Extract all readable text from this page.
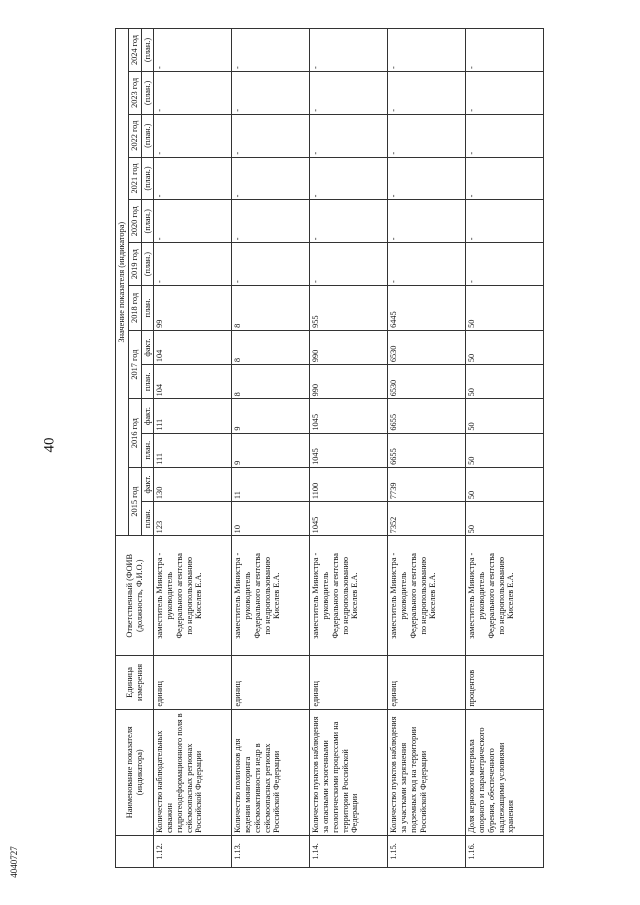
40
4040727
	Наименование показателя (индикатора)	Единица измерения	Ответственный (ФОИВ (должность, Ф.И.О.)	Значение показателя (индикатора)												
				2015 год		2016 год		2017 год		2018 год	2019 год	2020 год	2021 год	2022 год	2023 год	2024 год
				план.	факт.	план.	факт.	план.	факт.	план.	(план.)	(план.)	(план.)	(план.)	(план.)	(план.)
1.12.	Количество наблюдательных скважин гидрогеодеформационного поля в сейсмоопасных регионах Российской Федерации	единиц	заместитель Министра - руководитель Федерального агентства по недропользованию Киселев Е.А.	123	130	111	111	104	104	99	-	-	-	-	-	-
1.13.	Количество полигонов для ведения мониторинга сейсмоактивности недр в сейсмоопасных регионах Российской Федерации	единиц	заместитель Министра - руководитель Федерального агентства по недропользованию Киселев Е.А.	10	11	9	9	8	8	8	-	-	-	-	-	-
1.14.	Количество пунктов наблюдения за опасными экзогенными геологическими процессами на территории Российской Федерации	единиц	заместитель Министра - руководитель Федерального агентства по недропользованию Киселев Е.А.	1045	1100	1045	1045	990	990	955	-	-	-	-	-	-
1.15.	Количество пунктов наблюдения за участками загрязнения подземных вод на территории Российской Федерации	единиц	заместитель Министра - руководитель Федерального агентства по недропользованию Киселев Е.А.	7352	7739	6655	6655	6530	6530	6445	-	-	-	-	-	-
1.16.	Доля кернового материала опорного и параметрического бурения, обеспеченного надлежащими условиями хранения	процентов	заместитель Министра - руководитель Федерального агентства по недропользованию Киселев Е.А.	50	50	50	50	50	50	50	-	-	-	-	-	-
